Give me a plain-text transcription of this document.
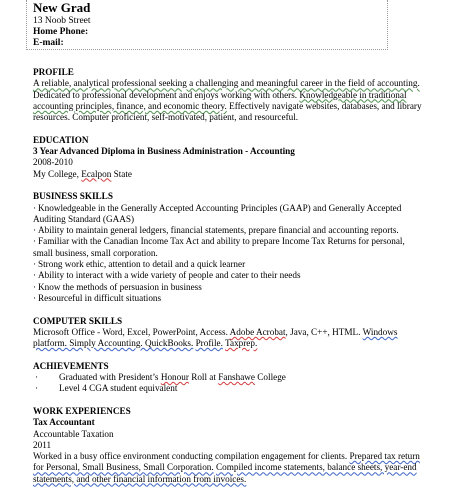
New Grad
13 Noob Street
Home Phone:
E-mail:
PROFILE
A reliable, analytical professional seeking a challenging and meaningful career in the field of accounting.
Dedicated to professional development and enjoys working with others. Knowledgeable in traditional
accounting principles, finance, and economic theory. Effectively navigate websites, databases, and library
resources. Computer proficient, self-motivated, patient, and resourceful.
EDUCATION
3 Year Advanced Diploma in Business Administration - Accounting
2008-2010
My College, Ecalpon State
BUSINESS SKILLS
· Knowledgeable in the Generally Accepted Accounting Principles (GAAP) and Generally Accepted
Auditing Standard (GAAS)
· Ability to maintain general ledgers, financial statements, prepare financial and accounting reports.
· Familiar with the Canadian Income Tax Act and ability to prepare Income Tax Returns for personal,
small business, small corporation.
· Strong work ethic, attention to detail and a quick learner
· Ability to interact with a wide variety of people and cater to their needs
· Know the methods of persuasion in business
· Resourceful in difficult situations
COMPUTER SKILLS
Microsoft Office - Word, Excel, PowerPoint, Access. Adobe Acrobat, Java, C++, HTML. Windows
platform. Simply Accounting. QuickBooks. Profile. Taxprep.
ACHIEVEMENTS
· Graduated with President’s Honour Roll at Fanshawe College
· Level 4 CGA student equivalent
WORK EXPERIENCES
Tax Accountant
Accountable Taxation
2011
Worked in a busy office environment conducting compilation engagement for clients. Prepared tax return
for Personal, Small Business, Small Corporation. Compiled income statements, balance sheets, year-end
statements, and other financial information from invoices.
